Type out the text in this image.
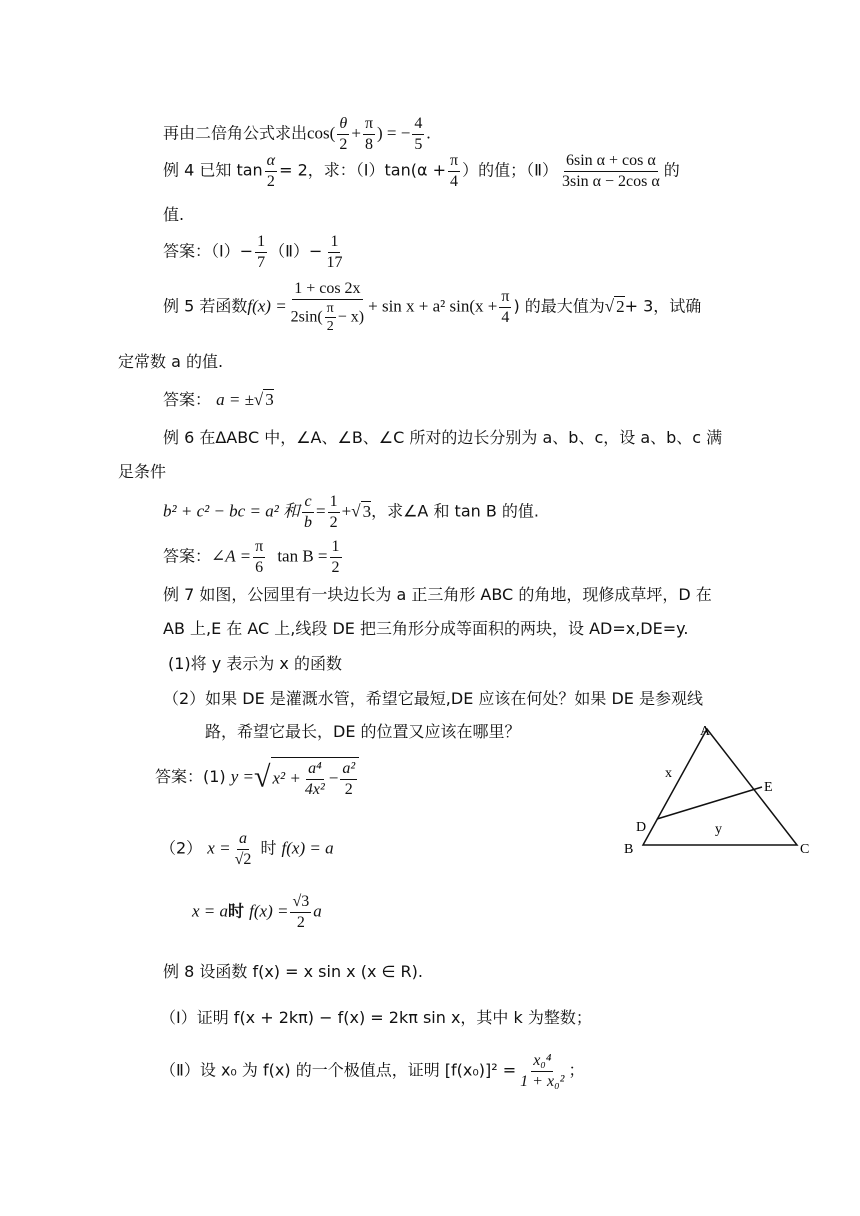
再由二倍角公式求出$\cos( \frac{\theta}{2} + \frac{\pi}{8}$ ) = − $\frac{4}{5}$ .
例 4 已知 $\tan \frac{\alpha}{2} = 2$，求：（Ⅰ）tan(α + $\frac{\pi}{4}$ ）的值；（Ⅱ） $\frac{\text{6sin α + cos α}}{\text{3sin α − 2cos α}}$ 的
值.
答案：（Ⅰ）− $\frac{1}{7}$ （Ⅱ）− $\frac{1}{17}$
例 5 若函数$f(x) = \frac{1 + \cos 2x}{2\sin( \frac{\pi}{2} - x)} + \sin x + a^2$ $\sin(x + \frac{\pi}{4}$ ) 的最大值为√ 2+ 3，试确
定常数 a 的值.
答案： a = ±√ 3
例 6 在ΔABC 中，∠A、∠B、∠C 所对的边长分别为 a、b、c，设 a、b、c 满
足条件
b² + c² − bc = a² 和 $\frac{c}{b} = \frac{1}{2}$ +√ 3，求∠A 和 tan B 的值.
答案：∠A = $\frac{\pi}{6}$ $\tan B = \frac{1}{2}$
例 7 如图，公园里有一块边长为 a 正三角形 ABC 的角地，现修成草坪，D 在
AB 上,E 在 AC 上,线段 DE 把三角形分成等面积的两块，设 AD=x,DE=y.
(1)将 y 表示为 x 的函数
（2）如果 DE 是灌溉水管，希望它最短,DE 应该在何处？如果 DE 是参观线
路，希望它最长，DE 的位置又应该在哪里？
答案：(1) y =√ $x^2 + \frac{\text{a⁴}}{\text{4x²}} - \frac{\text{a²}}{2}$
（2） $x = \frac{a}{√2}$ 时 f(x) = a
x = a时 $f(x) = \frac{√3}{2}$ a
A
B	C
D
E
x
y
例 8 设函数 f(x) = x sin x (x ∈ R).
（Ⅰ）证明 f(x + 2kπ) − f(x) = 2kπ sin x，其中 k 为整数；
（Ⅱ）设 x₀ 为 f(x) 的一个极值点，证明 $[f(x_0)]^2 = \frac{\text{x₀⁴}}{\text{1 + x₀²}}$ ；
